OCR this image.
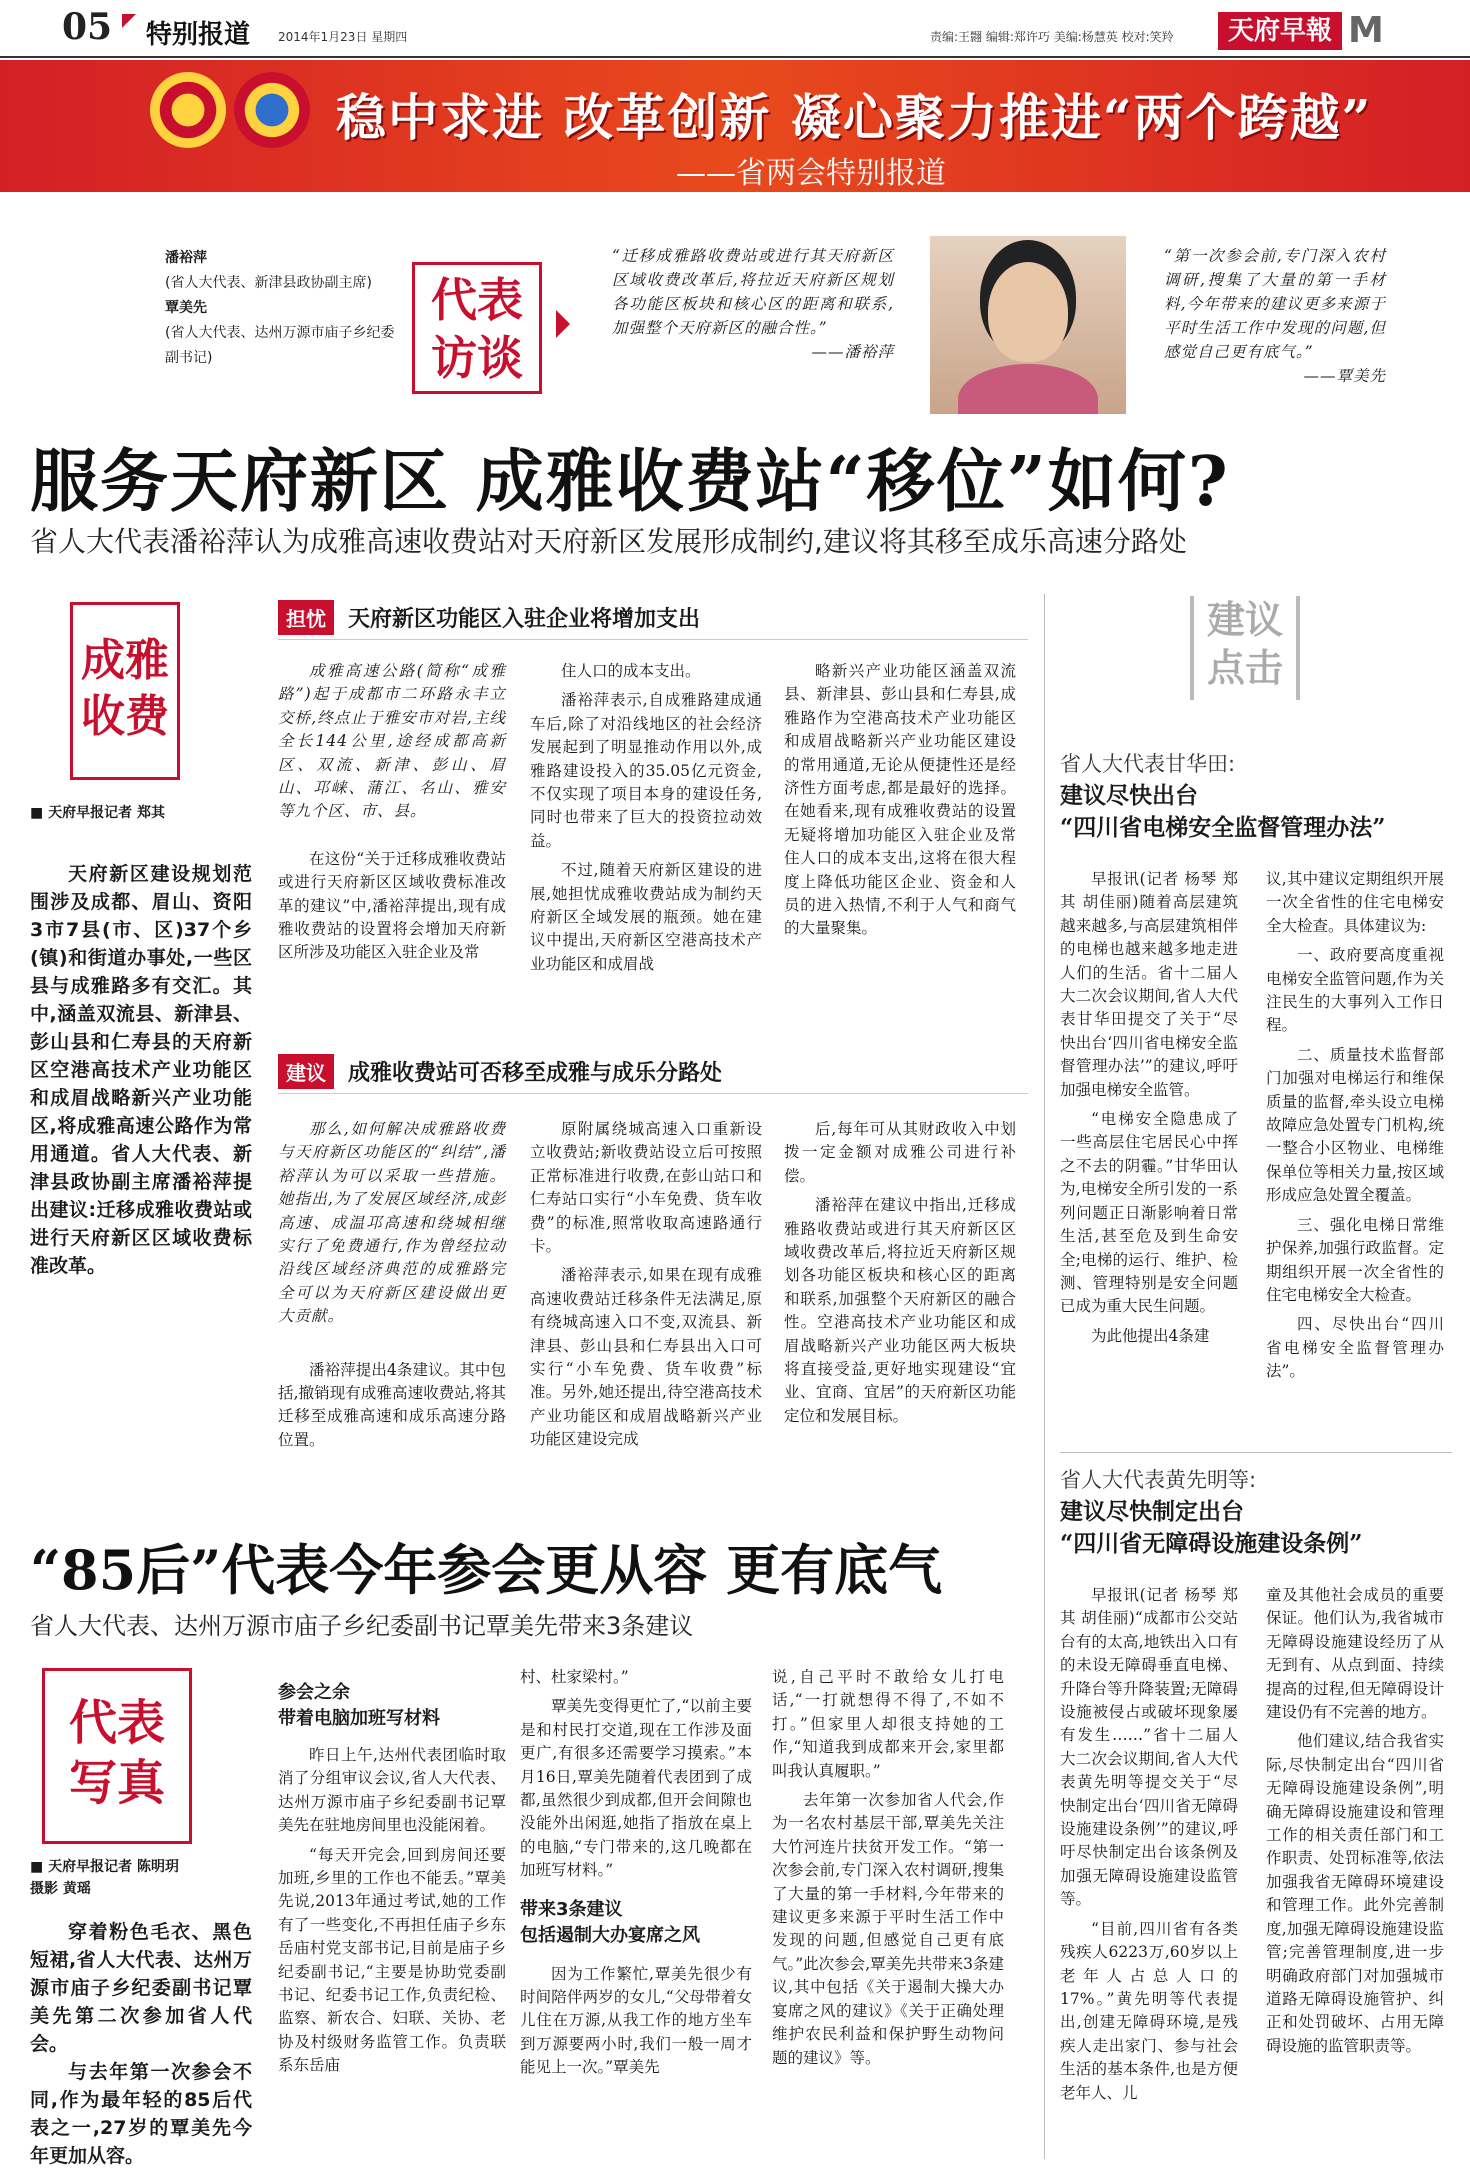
05 特别报道 2014年1月23日 星期四	责编:王翾 编辑:郑许巧 美编:杨慧英 校对:笑羚	天府早報 M
稳中求进 改革创新 凝心聚力推进“两个跨越”
——省两会特别报道
潘裕萍
(省人大代表、新津县政协副主席)
覃美先
(省人大代表、达州万源市庙子乡纪委副书记)
代表
访谈
“迁移成雅路收费站或进行其天府新区区域收费改革后,将拉近天府新区规划各功能区板块和核心区的距离和联系,加强整个天府新区的融合性。”

——潘裕萍
“第一次参会前,专门深入农村调研,搜集了大量的第一手材料,今年带来的建议更多来源于平时生活工作中发现的问题,但感觉自己更有底气。”

——覃美先
服务天府新区 成雅收费站“移位”如何?
省人大代表潘裕萍认为成雅高速收费站对天府新区发展形成制约,建议将其移至成乐高速分路处
成雅
收费
■ 天府早报记者 郑其

天府新区建设规划范围涉及成都、眉山、资阳3市7县(市、区)37个乡(镇)和街道办事处,一些区县与成雅路多有交汇。其中,涵盖双流县、新津县、彭山县和仁寿县的天府新区空港高技术产业功能区和成眉战略新兴产业功能区,将成雅高速公路作为常用通道。省人大代表、新津县政协副主席潘裕萍提出建议:迁移成雅收费站或进行天府新区区域收费标准改革。

担忧 天府新区功能区入驻企业将增加支出

成雅高速公路(简称“成雅路”)起于成都市二环路永丰立交桥,终点止于雅安市对岩,主线全长144公里,途经成都高新区、双流、新津、彭山、眉山、邛崃、蒲江、名山、雅安等九个区、市、县。

在这份“关于迁移成雅收费站或进行天府新区区域收费标准改革的建议”中,潘裕萍提出,现有成雅收费站的设置将会增加天府新区所涉及功能区入驻企业及常

住人口的成本支出。

潘裕萍表示,自成雅路建成通车后,除了对沿线地区的社会经济发展起到了明显推动作用以外,成雅路建设投入的35.05亿元资金,不仅实现了项目本身的建设任务,同时也带来了巨大的投资拉动效益。

不过,随着天府新区建设的进展,她担忧成雅收费站成为制约天府新区全域发展的瓶颈。她在建议中提出,天府新区空港高技术产业功能区和成眉战

略新兴产业功能区涵盖双流县、新津县、彭山县和仁寿县,成雅路作为空港高技术产业功能区和成眉战略新兴产业功能区建设的常用通道,无论从便捷性还是经济性方面考虑,都是最好的选择。在她看来,现有成雅收费站的设置无疑将增加功能区入驻企业及常住人口的成本支出,这将在很大程度上降低功能区企业、资金和人员的进入热情,不利于人气和商气的大量聚集。

建议 成雅收费站可否移至成雅与成乐分路处

那么,如何解决成雅路收费与天府新区功能区的“纠结”,潘裕萍认为可以采取一些措施。她指出,为了发展区域经济,成彭高速、成温邛高速和绕城相继实行了免费通行,作为曾经拉动沿线区域经济典范的成雅路完全可以为天府新区建设做出更大贡献。

潘裕萍提出4条建议。其中包括,撤销现有成雅高速收费站,将其迁移至成雅高速和成乐高速分路位置。

原附属绕城高速入口重新设立收费站;新收费站设立后可按照正常标准进行收费,在彭山站口和仁寿站口实行“小车免费、货车收费”的标准,照常收取高速路通行卡。

潘裕萍表示,如果在现有成雅高速收费站迁移条件无法满足,原有绕城高速入口不变,双流县、新津县、彭山县和仁寿县出入口可实行“小车免费、货车收费”标准。另外,她还提出,待空港高技术产业功能区和成眉战略新兴产业功能区建设完成

后,每年可从其财政收入中划拨一定金额对成雅公司进行补偿。

潘裕萍在建议中指出,迁移成雅路收费站或进行其天府新区区域收费改革后,将拉近天府新区规划各功能区板块和核心区的距离和联系,加强整个天府新区的融合性。空港高技术产业功能区和成眉战略新兴产业功能区两大板块将直接受益,更好地实现建设“宜业、宜商、宜居”的天府新区功能定位和发展目标。

建议
点击
省人大代表甘华田:
建议尽快出台
“四川省电梯安全监督管理办法”

早报讯(记者 杨琴 郑其 胡佳丽)随着高层建筑越来越多,与高层建筑相伴的电梯也越来越多地走进人们的生活。省十二届人大二次会议期间,省人大代表甘华田提交了关于“尽快出台‘四川省电梯安全监督管理办法’”的建议,呼吁加强电梯安全监管。

“电梯安全隐患成了一些高层住宅居民心中挥之不去的阴霾。”甘华田认为,电梯安全所引发的一系列问题正日渐影响着日常生活,甚至危及到生命安全;电梯的运行、维护、检测、管理特别是安全问题已成为重大民生问题。

为此他提出4条建

议,其中建议定期组织开展一次全省性的住宅电梯安全大检查。具体建议为:

一、政府要高度重视电梯安全监管问题,作为关注民生的大事列入工作日程。

二、质量技术监督部门加强对电梯运行和维保质量的监督,牵头设立电梯故障应急处置专门机构,统一整合小区物业、电梯维保单位等相关力量,按区域形成应急处置全覆盖。

三、强化电梯日常维护保养,加强行政监督。定期组织开展一次全省性的住宅电梯安全大检查。

四、尽快出台“四川省电梯安全监督管理办法”。

省人大代表黄先明等:
建议尽快制定出台
“四川省无障碍设施建设条例”

早报讯(记者 杨琴 郑其 胡佳丽)“成都市公交站台有的太高,地铁出入口有的未设无障碍垂直电梯、升降台等升降装置;无障碍设施被侵占或破坏现象屡有发生……”省十二届人大二次会议期间,省人大代表黄先明等提交关于“尽快制定出台‘四川省无障碍设施建设条例’”的建议,呼吁尽快制定出台该条例及加强无障碍设施建设监管等。

“目前,四川省有各类残疾人6223万,60岁以上老年人占总人口的17%。”黄先明等代表提出,创建无障碍环境,是残疾人走出家门、参与社会生活的基本条件,也是方便老年人、儿

童及其他社会成员的重要保证。他们认为,我省城市无障碍设施建设经历了从无到有、从点到面、持续提高的过程,但无障碍设计建设仍有不完善的地方。

他们建议,结合我省实际,尽快制定出台“四川省无障碍设施建设条例”,明确无障碍设施建设和管理工作的相关责任部门和工作职责、处罚标准等,依法加强我省无障碍环境建设和管理工作。此外完善制度,加强无障碍设施建设监管;完善管理制度,进一步明确政府部门对加强城市道路无障碍设施管护、纠正和处罚破坏、占用无障碍设施的监管职责等。

“85后”代表今年参会更从容 更有底气
省人大代表、达州万源市庙子乡纪委副书记覃美先带来3条建议
代表
写真
■ 天府早报记者 陈明玥
摄影 黄瑶

穿着粉色毛衣、黑色短裙,省人大代表、达州万源市庙子乡纪委副书记覃美先第二次参加省人代会。

与去年第一次参会不同,作为最年轻的85后代表之一,27岁的覃美先今年更加从容。

参会之余
带着电脑加班写材料

昨日上午,达州代表团临时取消了分组审议会议,省人大代表、达州万源市庙子乡纪委副书记覃美先在驻地房间里也没能闲着。

“每天开完会,回到房间还要加班,乡里的工作也不能丢。”覃美先说,2013年通过考试,她的工作有了一些变化,不再担任庙子乡东岳庙村党支部书记,目前是庙子乡纪委副书记,“主要是协助党委副书记、纪委书记工作,负责纪检、监察、新农合、妇联、关协、老协及村级财务监管工作。负责联系东岳庙

村、杜家梁村。”

覃美先变得更忙了,“以前主要是和村民打交道,现在工作涉及面更广,有很多还需要学习摸索。”本月16日,覃美先随着代表团到了成都,虽然很少到成都,但开会间隙也没能外出闲逛,她指了指放在桌上的电脑,“专门带来的,这几晚都在加班写材料。”

带来3条建议
包括遏制大办宴席之风

因为工作繁忙,覃美先很少有时间陪伴两岁的女儿,“父母带着女儿住在万源,从我工作的地方坐车到万源要两小时,我们一般一周才能见上一次。”覃美先

说,自己平时不敢给女儿打电话,“一打就想得不得了,不如不打。”但家里人却很支持她的工作,“知道我到成都来开会,家里都叫我认真履职。”

去年第一次参加省人代会,作为一名农村基层干部,覃美先关注大竹河连片扶贫开发工作。“第一次参会前,专门深入农村调研,搜集了大量的第一手材料,今年带来的建议更多来源于平时生活工作中发现的问题,但感觉自己更有底气。”此次参会,覃美先共带来3条建议,其中包括《关于遏制大操大办宴席之风的建议》《关于正确处理维护农民利益和保护野生动物问题的建议》等。
